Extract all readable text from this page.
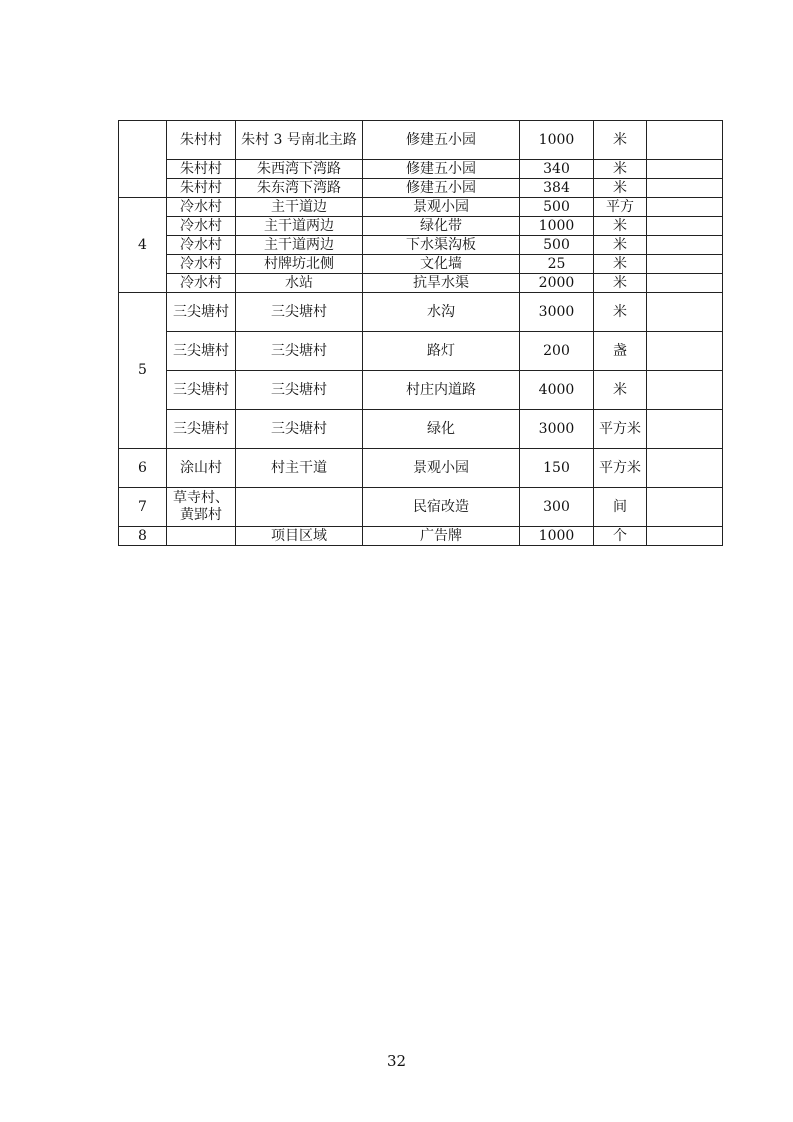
	朱村村	朱村 3 号南北主路	修建五小园	1000	米	
	朱村村	朱西湾下湾路	修建五小园	340	米	
	朱村村	朱东湾下湾路	修建五小园	384	米	
4	冷水村	主干道边	景观小园	500	平方	
	冷水村	主干道两边	绿化带	1000	米	
	冷水村	主干道两边	下水渠沟板	500	米	
	冷水村	村牌坊北侧	文化墙	25	米	
	冷水村	水站	抗旱水渠	2000	米	
5	三尖塘村	三尖塘村	水沟	3000	米	
	三尖塘村	三尖塘村	路灯	200	盏	
	三尖塘村	三尖塘村	村庄内道路	4000	米	
	三尖塘村	三尖塘村	绿化	3000	平方米	
6	涂山村	村主干道	景观小园	150	平方米	
7	草寺村、黄郢村		民宿改造	300	间	
8		项目区域	广告牌	1000	个	
32
